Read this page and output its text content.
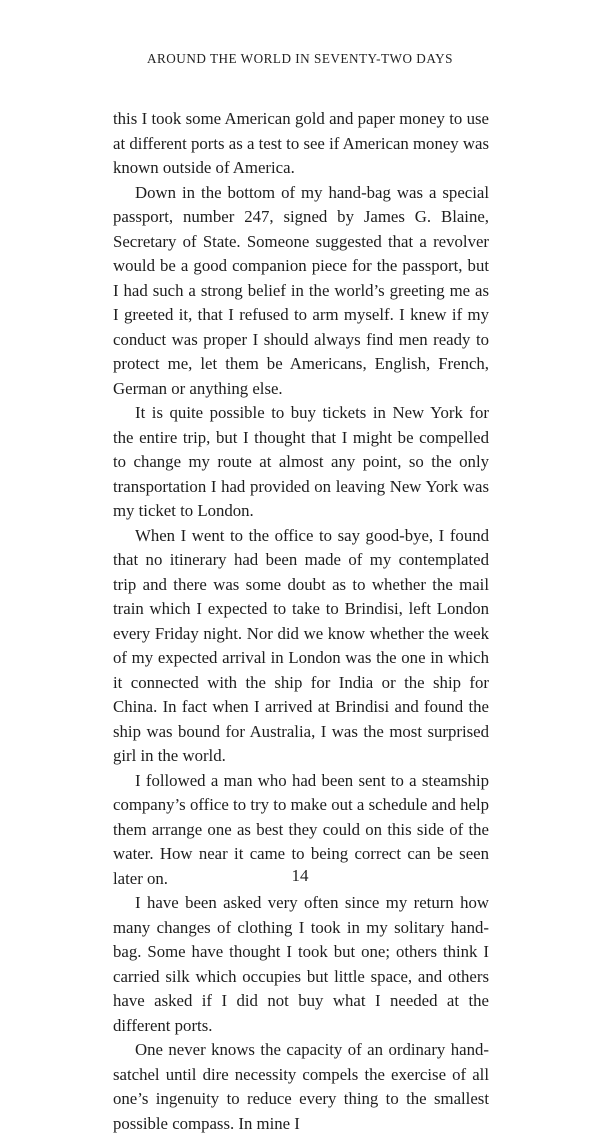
AROUND THE WORLD IN SEVENTY-TWO DAYS

this I took some American gold and paper money to use at different ports as a test to see if American money was known outside of America.

Down in the bottom of my hand-bag was a special passport, number 247, signed by James G. Blaine, Secretary of State. Someone suggested that a revolver would be a good companion piece for the passport, but I had such a strong belief in the world’s greeting me as I greeted it, that I refused to arm myself. I knew if my conduct was proper I should always find men ready to protect me, let them be Americans, English, French, German or anything else.

It is quite possible to buy tickets in New York for the entire trip, but I thought that I might be compelled to change my route at almost any point, so the only transportation I had provided on leaving New York was my ticket to London.

When I went to the office to say good-bye, I found that no itinerary had been made of my contemplated trip and there was some doubt as to whether the mail train which I expected to take to Brindisi, left London every Friday night. Nor did we know whether the week of my expected arrival in London was the one in which it connected with the ship for India or the ship for China. In fact when I arrived at Brindisi and found the ship was bound for Australia, I was the most surprised girl in the world.

I followed a man who had been sent to a steamship company’s office to try to make out a schedule and help them arrange one as best they could on this side of the water. How near it came to being correct can be seen later on.

I have been asked very often since my return how many changes of clothing I took in my solitary hand-bag. Some have thought I took but one; others think I carried silk which occupies but little space, and others have asked if I did not buy what I needed at the different ports.

One never knows the capacity of an ordinary hand-satchel until dire necessity compels the exercise of all one’s ingenuity to reduce every thing to the smallest possible compass. In mine I

14
